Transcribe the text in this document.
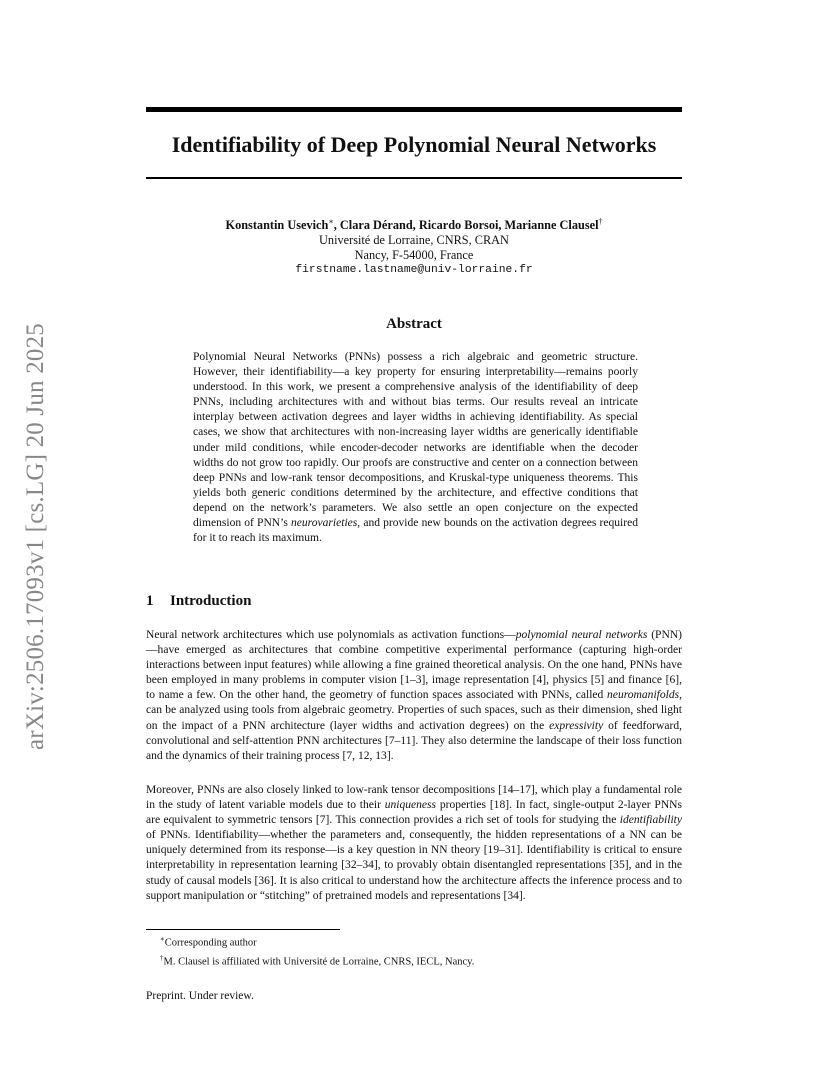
arXiv:2506.17093v1 [cs.LG] 20 Jun 2025
Identifiability of Deep Polynomial Neural Networks
Konstantin Usevich∗, Clara Dérand, Ricardo Borsoi, Marianne Clausel†
Université de Lorraine, CNRS, CRAN
Nancy, F-54000, France
firstname.lastname@univ-lorraine.fr
Abstract

Polynomial Neural Networks (PNNs) possess a rich algebraic and geometric structure. However, their identifiability—a key property for ensuring interpretability—remains poorly understood. In this work, we present a comprehensive analysis of the identifiability of deep PNNs, including architectures with and without bias terms. Our results reveal an intricate interplay between activation degrees and layer widths in achieving identifiability. As special cases, we show that architectures with non-increasing layer widths are generically identifiable under mild conditions, while encoder-decoder networks are identifiable when the decoder widths do not grow too rapidly. Our proofs are constructive and center on a connection between deep PNNs and low-rank tensor decompositions, and Kruskal-type uniqueness theorems. This yields both generic conditions determined by the architecture, and effective conditions that depend on the network’s parameters. We also settle an open conjecture on the expected dimension of PNN’s neurovarieties, and provide new bounds on the activation degrees required for it to reach its maximum.

1 Introduction

Neural network architectures which use polynomials as activation functions—polynomial neural networks (PNN)—have emerged as architectures that combine competitive experimental performance (capturing high-order interactions between input features) while allowing a fine grained theoretical analysis. On the one hand, PNNs have been employed in many problems in computer vision [1–3], image representation [4], physics [5] and finance [6], to name a few. On the other hand, the geometry of function spaces associated with PNNs, called neuromanifolds, can be analyzed using tools from algebraic geometry. Properties of such spaces, such as their dimension, shed light on the impact of a PNN architecture (layer widths and activation degrees) on the expressivity of feedforward, convolutional and self-attention PNN architectures [7–11]. They also determine the landscape of their loss function and the dynamics of their training process [7, 12, 13].

Moreover, PNNs are also closely linked to low-rank tensor decompositions [14–17], which play a fundamental role in the study of latent variable models due to their uniqueness properties [18]. In fact, single-output 2-layer PNNs are equivalent to symmetric tensors [7]. This connection provides a rich set of tools for studying the identifiability of PNNs. Identifiability—whether the parameters and, consequently, the hidden representations of a NN can be uniquely determined from its response—is a key question in NN theory [19–31]. Identifiability is critical to ensure interpretability in representation learning [32–34], to provably obtain disentangled representations [35], and in the study of causal models [36]. It is also critical to understand how the architecture affects the inference process and to support manipulation or “stitching” of pretrained models and representations [34].

∗Corresponding author
†M. Clausel is affiliated with Université de Lorraine, CNRS, IECL, Nancy.
Preprint. Under review.
